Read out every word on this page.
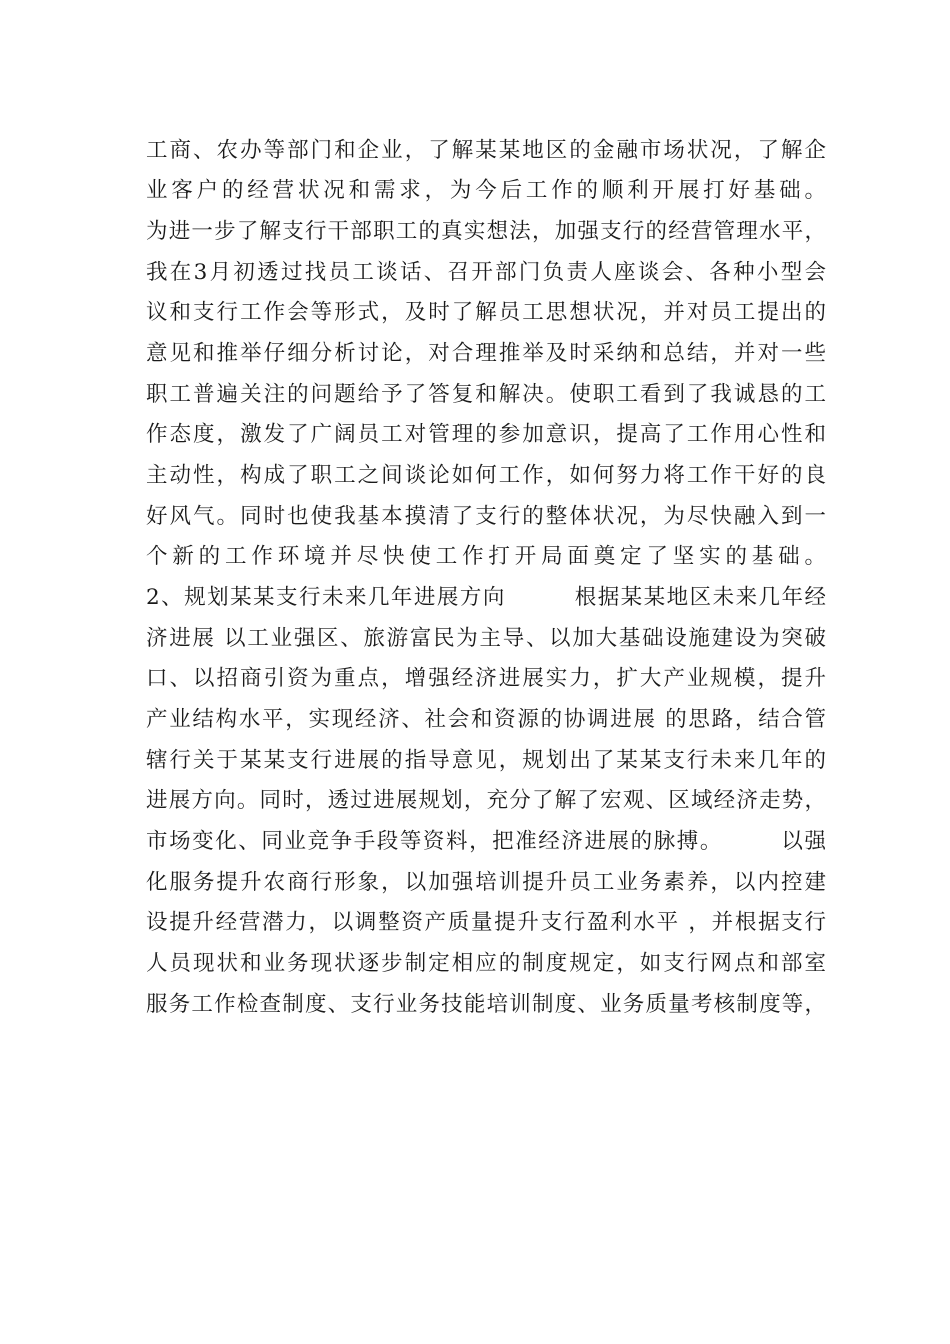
工商、农办等部门和企业，了解某某地区的金融市场状况，了解企
业客户的经营状况和需求，为今后工作的顺利开展打好基础。
为进一步了解支行干部职工的真实想法，加强支行的经营管理水平，
我在3月初透过找员工谈话、召开部门负责人座谈会、各种小型会
议和支行工作会等形式，及时了解员工思想状况，并对员工提出的
意见和推举仔细分析讨论，对合理推举及时采纳和总结，并对一些
职工普遍关注的问题给予了答复和解决。使职工看到了我诚恳的工
作态度，激发了广阔员工对管理的参加意识，提高了工作用心性和
主动性，构成了职工之间谈论如何工作，如何努力将工作干好的良
好风气。同时也使我基本摸清了支行的整体状况，为尽快融入到一
个新的工作环境并尽快使工作打开局面奠定了坚实的基础。
2、规划某某支行未来几年进展方向　　　根据某某地区未来几年经
济进展 以工业强区、旅游富民为主导、以加大基础设施建设为突破
口、以招商引资为重点，增强经济进展实力，扩大产业规模，提升
产业结构水平，实现经济、社会和资源的协调进展 的思路，结合管
辖行关于某某支行进展的指导意见，规划出了某某支行未来几年的
进展方向。同时，透过进展规划，充分了解了宏观、区域经济走势，
市场变化、同业竞争手段等资料，把准经济进展的脉搏。　　　以强
化服务提升农商行形象，以加强培训提升员工业务素养，以内控建
设提升经营潜力，以调整资产质量提升支行盈利水平 ，并根据支行
人员现状和业务现状逐步制定相应的制度规定，如支行网点和部室
服务工作检查制度、支行业务技能培训制度、业务质量考核制度等，
